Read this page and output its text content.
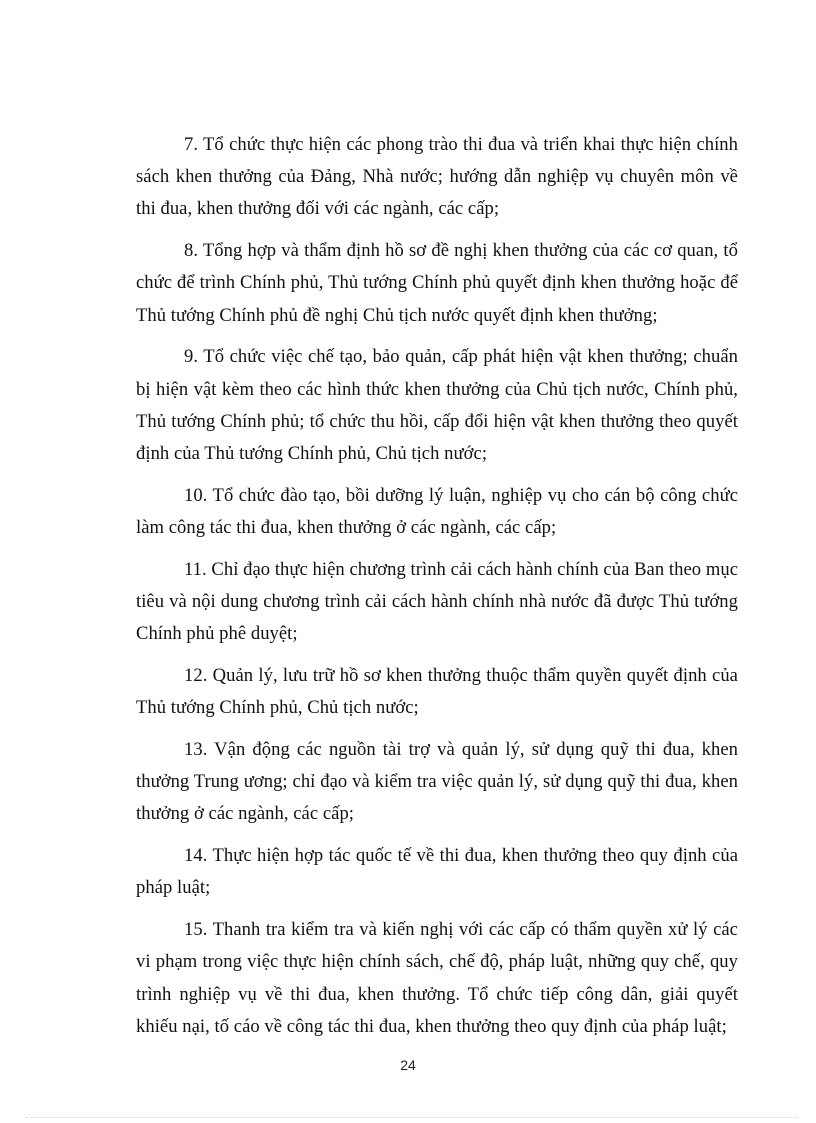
7. Tổ chức thực hiện các phong trào thi đua và triển khai thực hiện chính sách khen thưởng của Đảng, Nhà nước; hướng dẫn nghiệp vụ chuyên môn về thi đua, khen thưởng đối với các ngành, các cấp;

8. Tổng hợp và thẩm định hồ sơ đề nghị khen thưởng của các cơ quan, tổ chức để trình Chính phủ, Thủ tướng Chính phủ quyết định khen thưởng hoặc để Thủ tướng Chính phủ đề nghị Chủ tịch nước quyết định khen thưởng;

9. Tổ chức việc chế tạo, bảo quản, cấp phát hiện vật khen thưởng; chuẩn bị hiện vật kèm theo các hình thức khen thưởng của Chủ tịch nước, Chính phủ, Thủ tướng Chính phủ; tổ chức thu hồi, cấp đổi hiện vật khen thưởng theo quyết định của Thủ tướng Chính phủ, Chủ tịch nước;

10. Tổ chức đào tạo, bồi dưỡng lý luận, nghiệp vụ cho cán bộ công chức làm công tác thi đua, khen thưởng ở các ngành, các cấp;

11. Chỉ đạo thực hiện chương trình cải cách hành chính của Ban theo mục tiêu và nội dung chương trình cải cách hành chính nhà nước đã được Thủ tướng Chính phủ phê duyệt;

12. Quản lý, lưu trữ hồ sơ khen thưởng thuộc thẩm quyền quyết định của Thủ tướng Chính phủ, Chủ tịch nước;

13. Vận động các nguồn tài trợ và quản lý, sử dụng quỹ thi đua, khen thưởng Trung ương; chỉ đạo và kiểm tra việc quản lý, sử dụng quỹ thi đua, khen thưởng ở các ngành, các cấp;

14. Thực hiện hợp tác quốc tế về thi đua, khen thưởng theo quy định của pháp luật;

15. Thanh tra kiểm tra và kiến nghị với các cấp có thẩm quyền xử lý các vi phạm trong việc thực hiện chính sách, chế độ, pháp luật, những quy chế, quy trình nghiệp vụ về thi đua, khen thưởng. Tổ chức tiếp công dân, giải quyết khiếu nại, tố cáo về công tác thi đua, khen thưởng theo quy định của pháp luật;

24
